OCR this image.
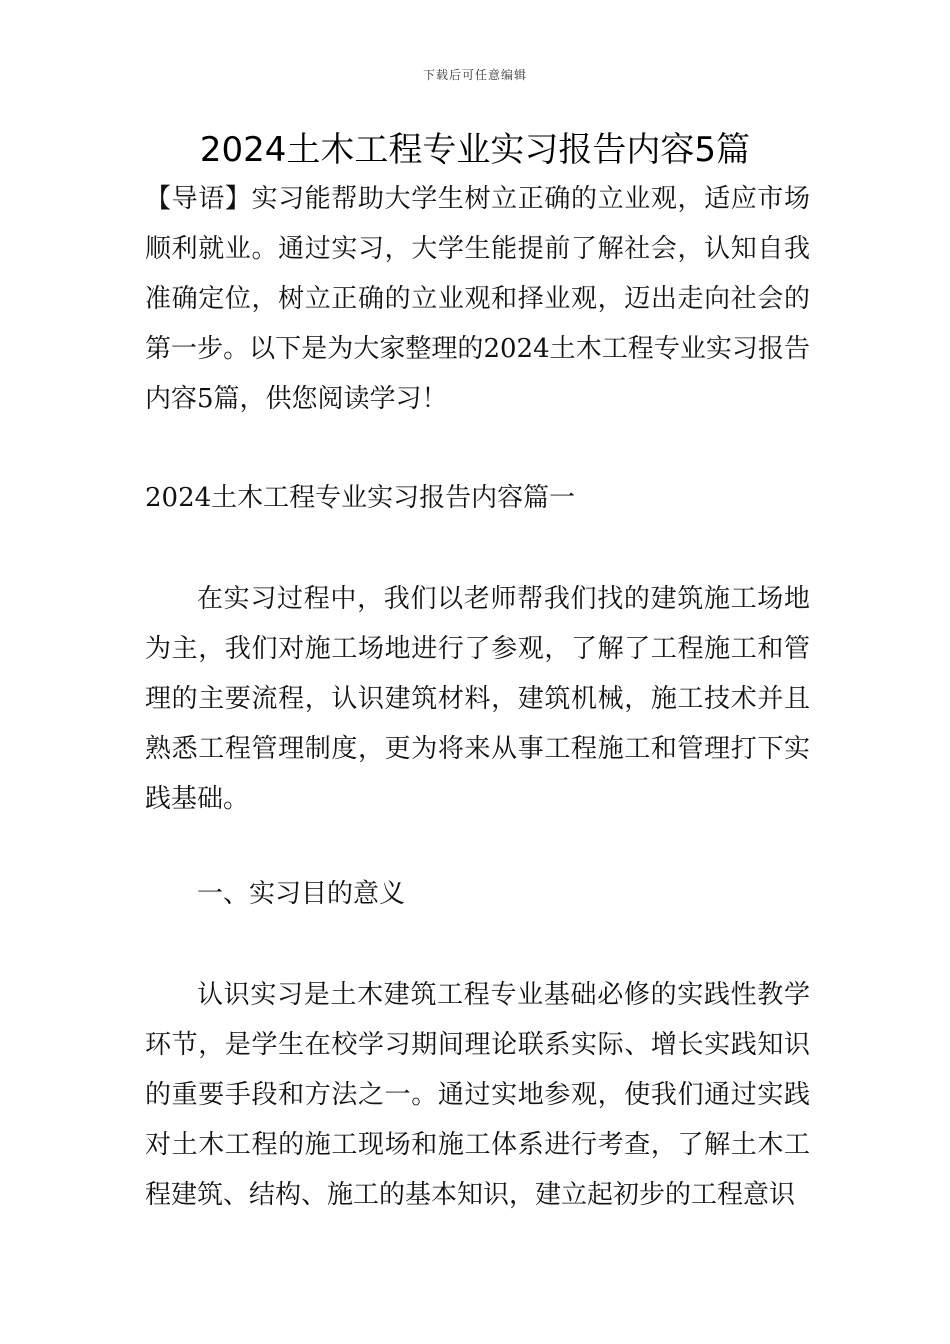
下载后可任意编辑
2024土木工程专业实习报告内容5篇
【导语】实习能帮助大学生树立正确的立业观，适应市场顺利就业。通过实习，大学生能提前了解社会，认知自我准确定位，树立正确的立业观和择业观，迈出走向社会的第一步。以下是为大家整理的2024土木工程专业实习报告内容5篇，供您阅读学习！
2024土木工程专业实习报告内容篇一
在实习过程中，我们以老师帮我们找的建筑施工场地为主，我们对施工场地进行了参观，了解了工程施工和管理的主要流程，认识建筑材料，建筑机械，施工技术并且熟悉工程管理制度，更为将来从事工程施工和管理打下实践基础。
一、实习目的意义
认识实习是土木建筑工程专业基础必修的实践性教学环节，是学生在校学习期间理论联系实际、增长实践知识的重要手段和方法之一。通过实地参观，使我们通过实践对土木工程的施工现场和施工体系进行考查，了解土木工程建筑、结构、施工的基本知识，建立起初步的工程意识
